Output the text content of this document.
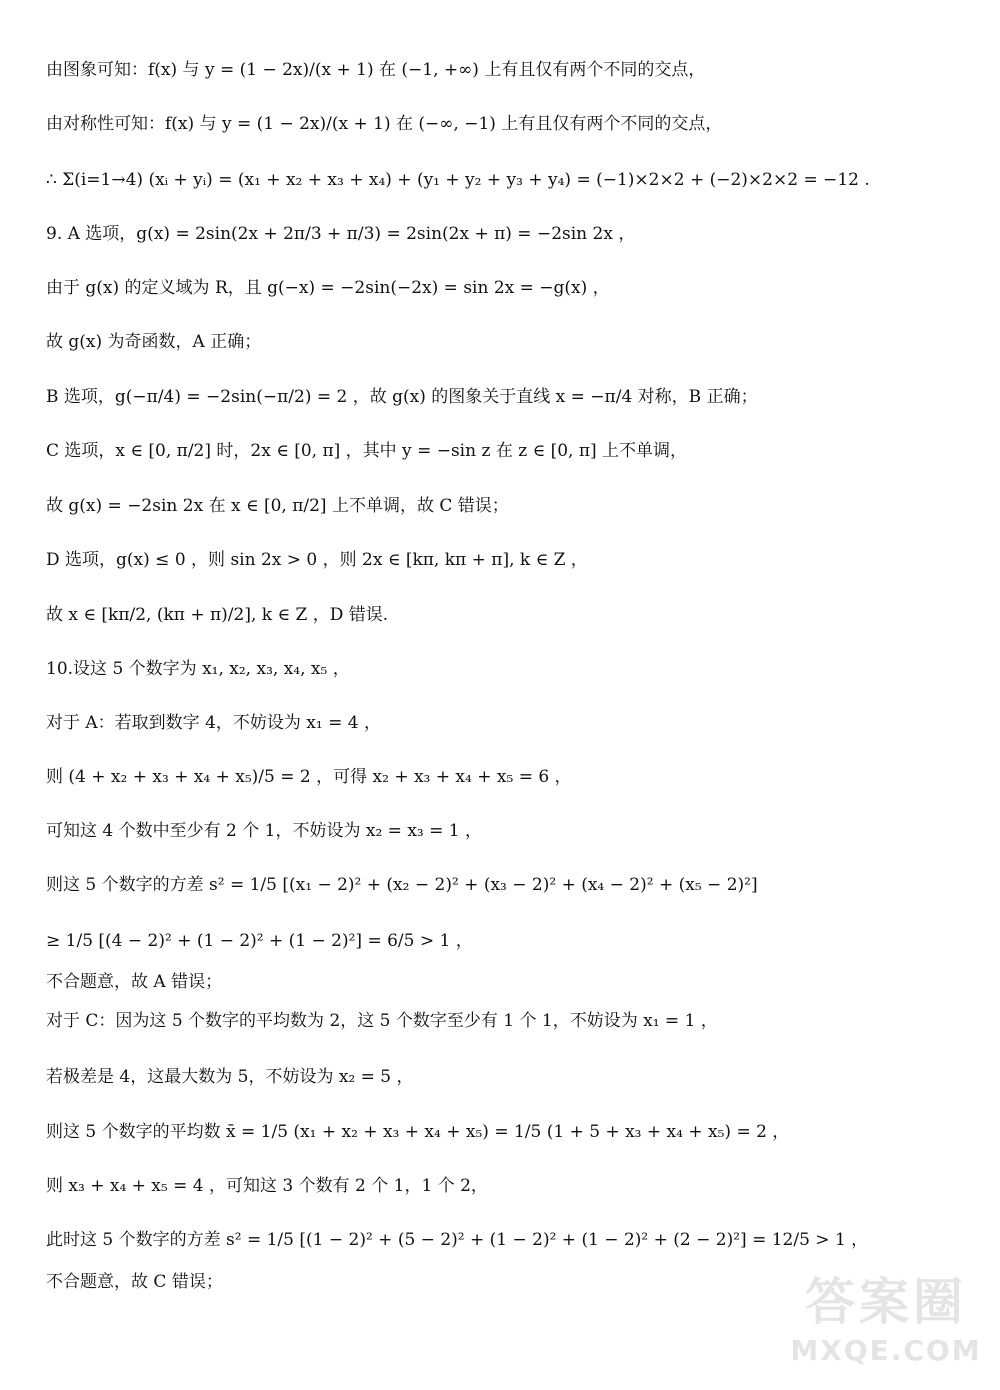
由图象可知：f(x) 与 y = (1 − 2x)/(x + 1) 在 (−1, +∞) 上有且仅有两个不同的交点，
由对称性可知：f(x) 与 y = (1 − 2x)/(x + 1) 在 (−∞, −1) 上有且仅有两个不同的交点，
∴ Σ(i=1→4) (xᵢ + yᵢ) = (x₁ + x₂ + x₃ + x₄) + (y₁ + y₂ + y₃ + y₄) = (−1)×2×2 + (−2)×2×2 = −12 .
9. A 选项，g(x) = 2sin(2x + 2π/3 + π/3) = 2sin(2x + π) = −2sin 2x ，
由于 g(x) 的定义域为 R，且 g(−x) = −2sin(−2x) = sin 2x = −g(x) ，
故 g(x) 为奇函数，A 正确；
B 选项，g(−π/4) = −2sin(−π/2) = 2 ，故 g(x) 的图象关于直线 x = −π/4 对称，B 正确；
C 选项，x ∈ [0, π/2] 时，2x ∈ [0, π] ，其中 y = −sin z 在 z ∈ [0, π] 上不单调，
故 g(x) = −2sin 2x 在 x ∈ [0, π/2] 上不单调，故 C 错误；
D 选项，g(x) ≤ 0 ，则 sin 2x > 0 ，则 2x ∈ [kπ, kπ + π], k ∈ Z ，
故 x ∈ [kπ/2, (kπ + π)/2], k ∈ Z ，D 错误.
10.设这 5 个数字为 x₁, x₂, x₃, x₄, x₅ ，
对于 A：若取到数字 4，不妨设为 x₁ = 4 ，
则 (4 + x₂ + x₃ + x₄ + x₅)/5 = 2 ，可得 x₂ + x₃ + x₄ + x₅ = 6 ，
可知这 4 个数中至少有 2 个 1，不妨设为 x₂ = x₃ = 1 ，
则这 5 个数字的方差 s² = 1/5 [(x₁ − 2)² + (x₂ − 2)² + (x₃ − 2)² + (x₄ − 2)² + (x₅ − 2)²]
≥ 1/5 [(4 − 2)² + (1 − 2)² + (1 − 2)²] = 6/5 > 1 ，
不合题意，故 A 错误；
对于 C：因为这 5 个数字的平均数为 2，这 5 个数字至少有 1 个 1，不妨设为 x₁ = 1 ，
若极差是 4，这最大数为 5，不妨设为 x₂ = 5 ，
则这 5 个数字的平均数 x̄ = 1/5 (x₁ + x₂ + x₃ + x₄ + x₅) = 1/5 (1 + 5 + x₃ + x₄ + x₅) = 2 ，
则 x₃ + x₄ + x₅ = 4 ，可知这 3 个数有 2 个 1，1 个 2，
此时这 5 个数字的方差 s² = 1/5 [(1 − 2)² + (5 − 2)² + (1 − 2)² + (1 − 2)² + (2 − 2)²] = 12/5 > 1 ，
不合题意，故 C 错误；	答案圈
MXQE.COM
